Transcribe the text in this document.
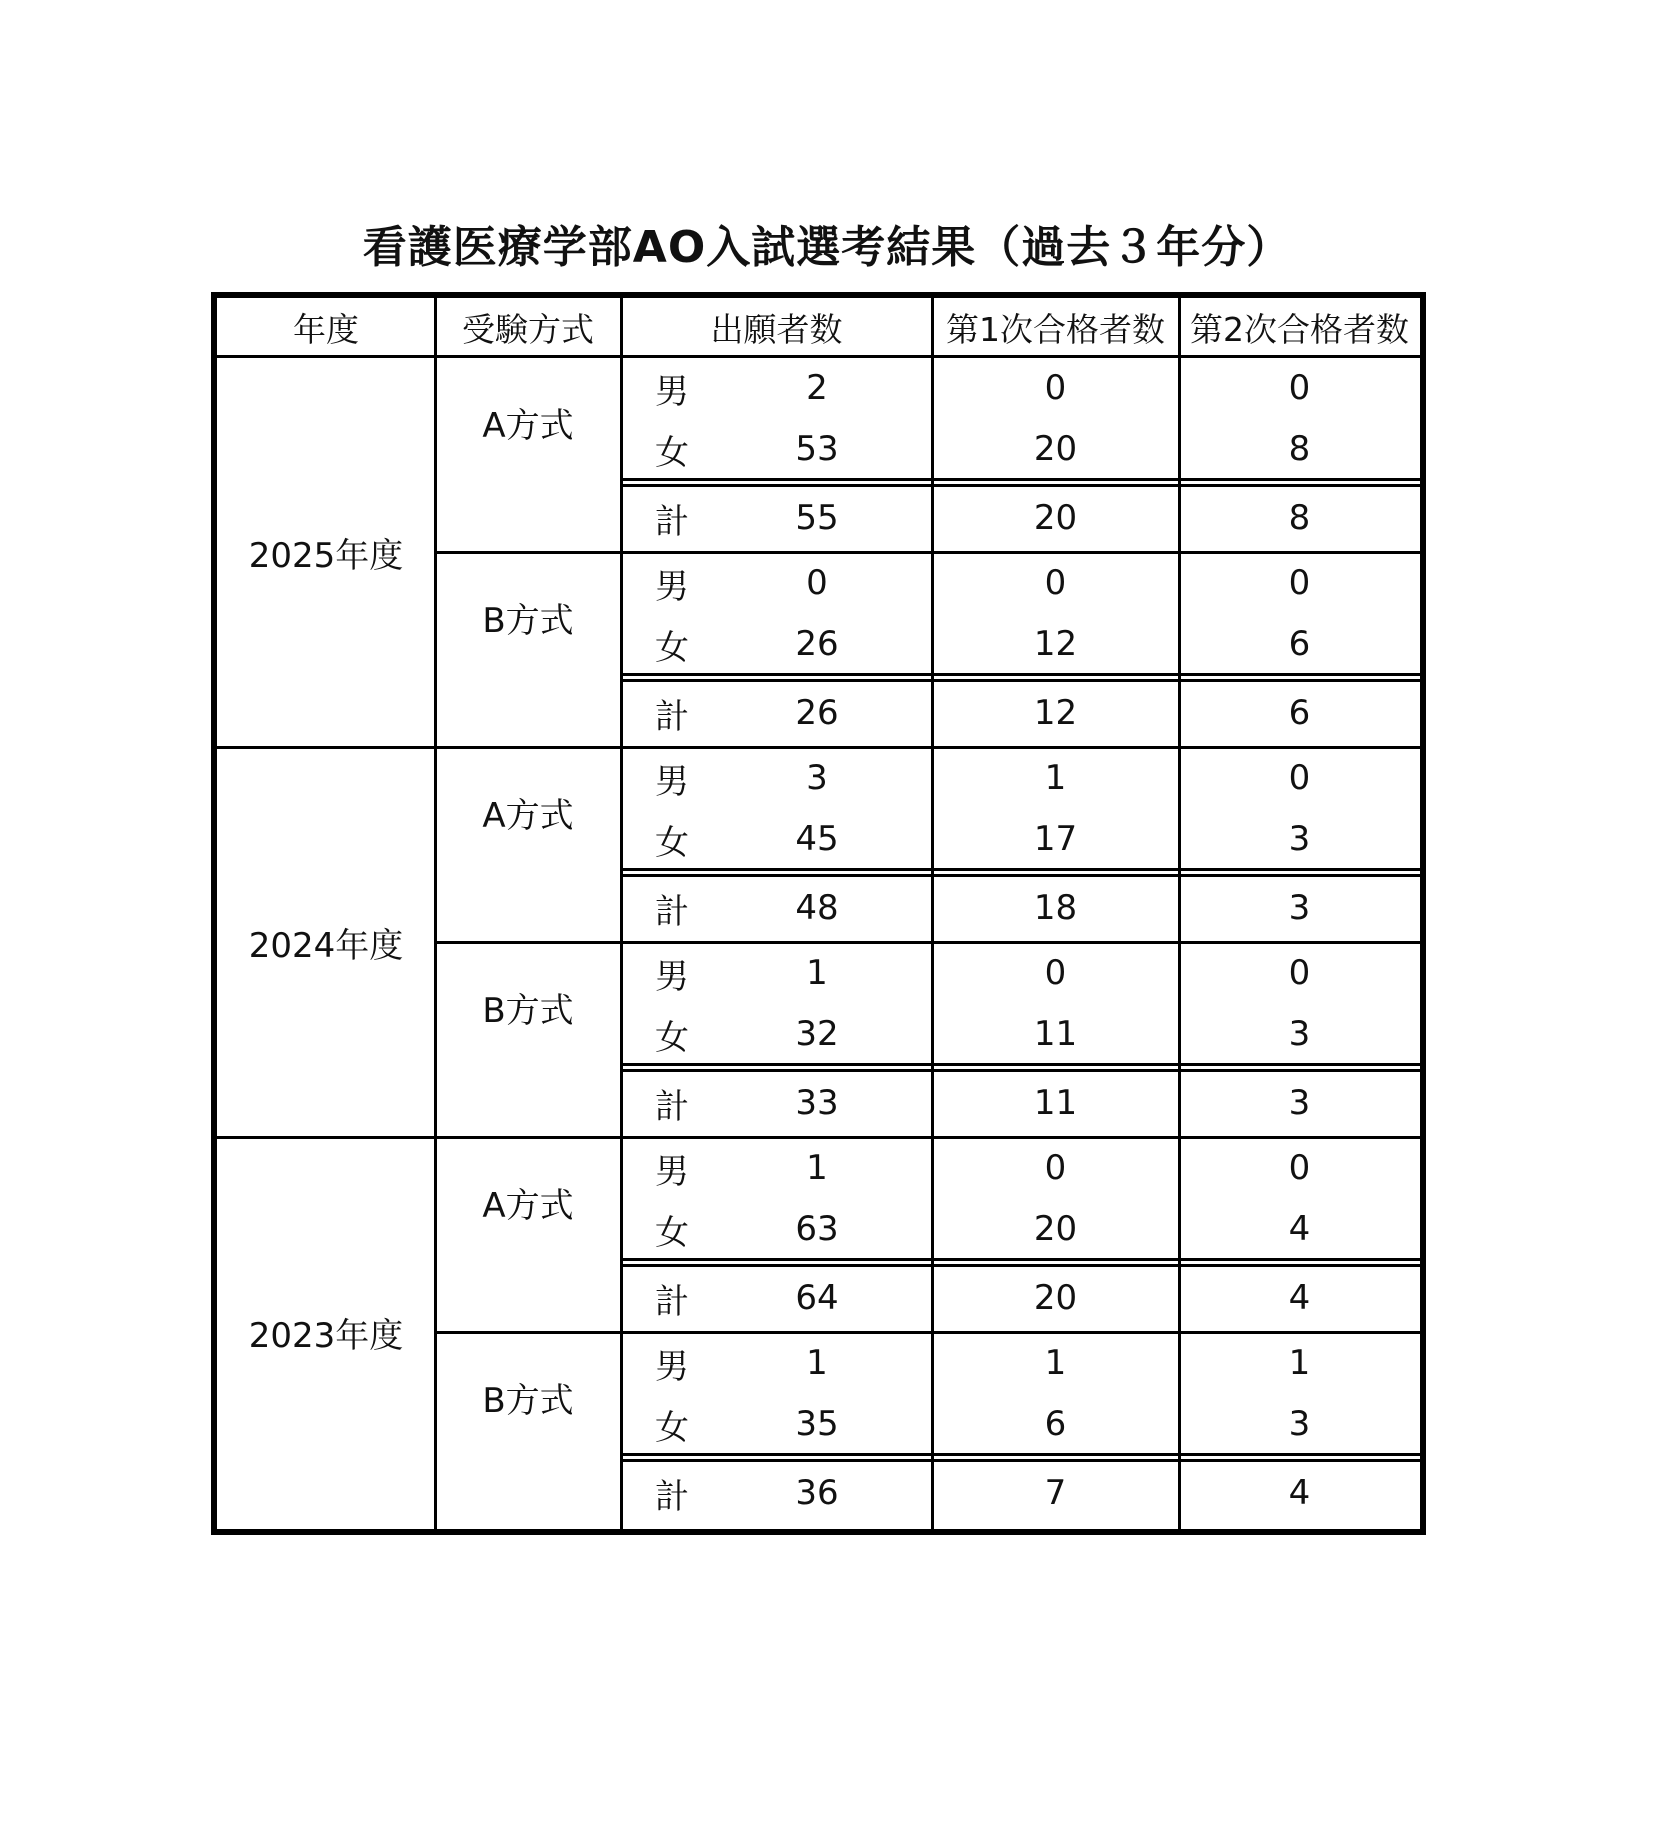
看護医療学部AO入試選考結果（過去３年分）
年度	受験方式	出願者数	第1次合格者数 第2次合格者数
2025年度
A方式
男	2	0	0
女	53	20	8
計	55	20	8
B方式
男	0	0	0
女	26	12	6
計	26	12	6
2024年度
A方式
男	3	1	0
女	45	17	3
計	48	18	3
B方式
男	1	0	0
女	32	11	3
計	33	11	3
2023年度
A方式
男	1	0	0
女	63	20	4
計	64	20	4
B方式
男	1	1	1
女	35	6	3
計	36	7	4
